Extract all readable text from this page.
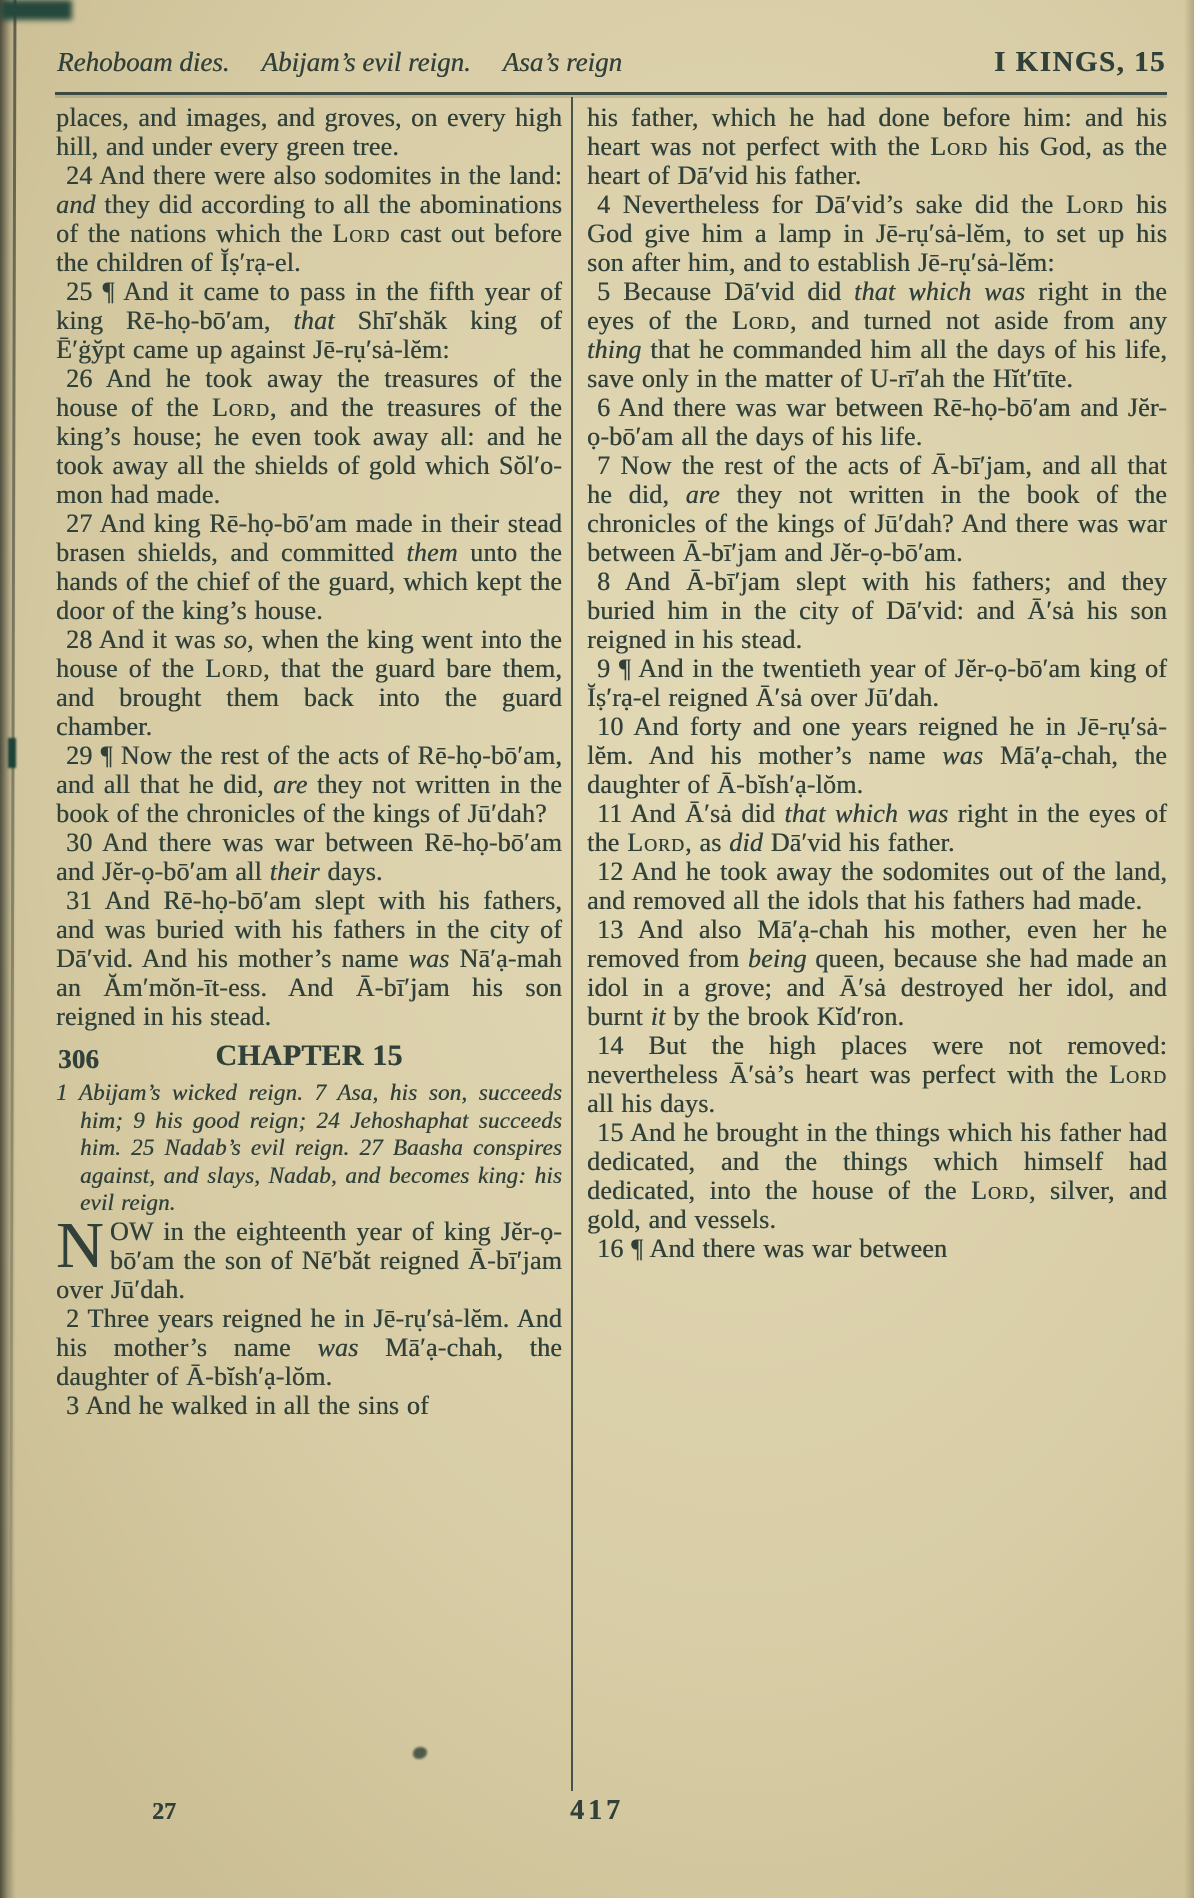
Rehoboam dies. Abijam’s evil reign. Asa’s reign	I KINGS, 15

places, and images, and groves, on every high hill, and under every green tree.

24 And there were also sodomites in the land: and they did according to all the abominations of the nations which the Lord cast out before the children of Ĭṣ′rạ-el.

25 ¶ And it came to pass in the fifth year of king Rē-họ-bō′am, that Shī′shăk king of Ē′ġy̆pt came up against Jē-rụ′sȧ-lĕm:

26 And he took away the treasures of the house of the Lord, and the treasures of the king’s house; he even took away all: and he took away all the shields of gold which Sŏl′o-mon had made.

27 And king Rē-họ-bō′am made in their stead brasen shields, and committed them unto the hands of the chief of the guard, which kept the door of the king’s house.

28 And it was so, when the king went into the house of the Lord, that the guard bare them, and brought them back into the guard chamber.

29 ¶ Now the rest of the acts of Rē-họ-bō′am, and all that he did, are they not written in the book of the chronicles of the kings of Jū′dah?

30 And there was war between Rē-họ-bō′am and Jĕr-ọ-bō′am all their days.

31 And Rē-họ-bō′am slept with his fathers, and was buried with his fathers in the city of Dā′vid. And his mother’s name was Nā′ạ-mah an Ăm′mŏn-īt-ess. And Ā-bī′jam his son reigned in his stead.

306	CHAPTER 15

1 Abijam’s wicked reign. 7 Asa, his son, succeeds him; 9 his good reign; 24 Jehoshaphat succeeds him. 25 Nadab’s evil reign. 27 Baasha conspires against, and slays, Nadab, and becomes king: his evil reign.

NOW in the eighteenth year of king Jĕr-ọ-bō′am the son of Nē′băt reigned Ā-bī′jam over Jū′dah.

2 Three years reigned he in Jē-rụ′sȧ-lĕm. And his mother’s name was Mā′ạ-chah, the daughter of Ā-bĭsh′ạ-lŏm.

3 And he walked in all the sins of

his father, which he had done before him: and his heart was not perfect with the Lord his God, as the heart of Dā′vid his father.

4 Nevertheless for Dā′vid’s sake did the Lord his God give him a lamp in Jē-rụ′sȧ-lĕm, to set up his son after him, and to establish Jē-rụ′sȧ-lĕm:

5 Because Dā′vid did that which was right in the eyes of the Lord, and turned not aside from any thing that he commanded him all the days of his life, save only in the matter of U-rī′ah the Hĭt′tīte.

6 And there was war between Rē-họ-bō′am and Jĕr-ọ-bō′am all the days of his life.

7 Now the rest of the acts of Ā-bī′jam, and all that he did, are they not written in the book of the chronicles of the kings of Jū′dah? And there was war between Ā-bī′jam and Jĕr-ọ-bō′am.

8 And Ā-bī′jam slept with his fathers; and they buried him in the city of Dā′vid: and Ā′sȧ his son reigned in his stead.

9 ¶ And in the twentieth year of Jĕr-ọ-bō′am king of Ĭṣ′rạ-el reigned Ā′sȧ over Jū′dah.

10 And forty and one years reigned he in Jē-rụ′sȧ-lĕm. And his mother’s name was Mā′ạ-chah, the daughter of Ā-bĭsh′ạ-lŏm.

11 And Ā′sȧ did that which was right in the eyes of the Lord, as did Dā′vid his father.

12 And he took away the sodomites out of the land, and removed all the idols that his fathers had made.

13 And also Mā′ạ-chah his mother, even her he removed from being queen, because she had made an idol in a grove; and Ā′sȧ destroyed her idol, and burnt it by the brook Kĭd′ron.

14 But the high places were not removed: nevertheless Ā′sȧ’s heart was perfect with the Lord all his days.

15 And he brought in the things which his father had dedicated, and the things which himself had dedicated, into the house of the Lord, silver, and gold, and vessels.

16 ¶ And there was war between

27	417
